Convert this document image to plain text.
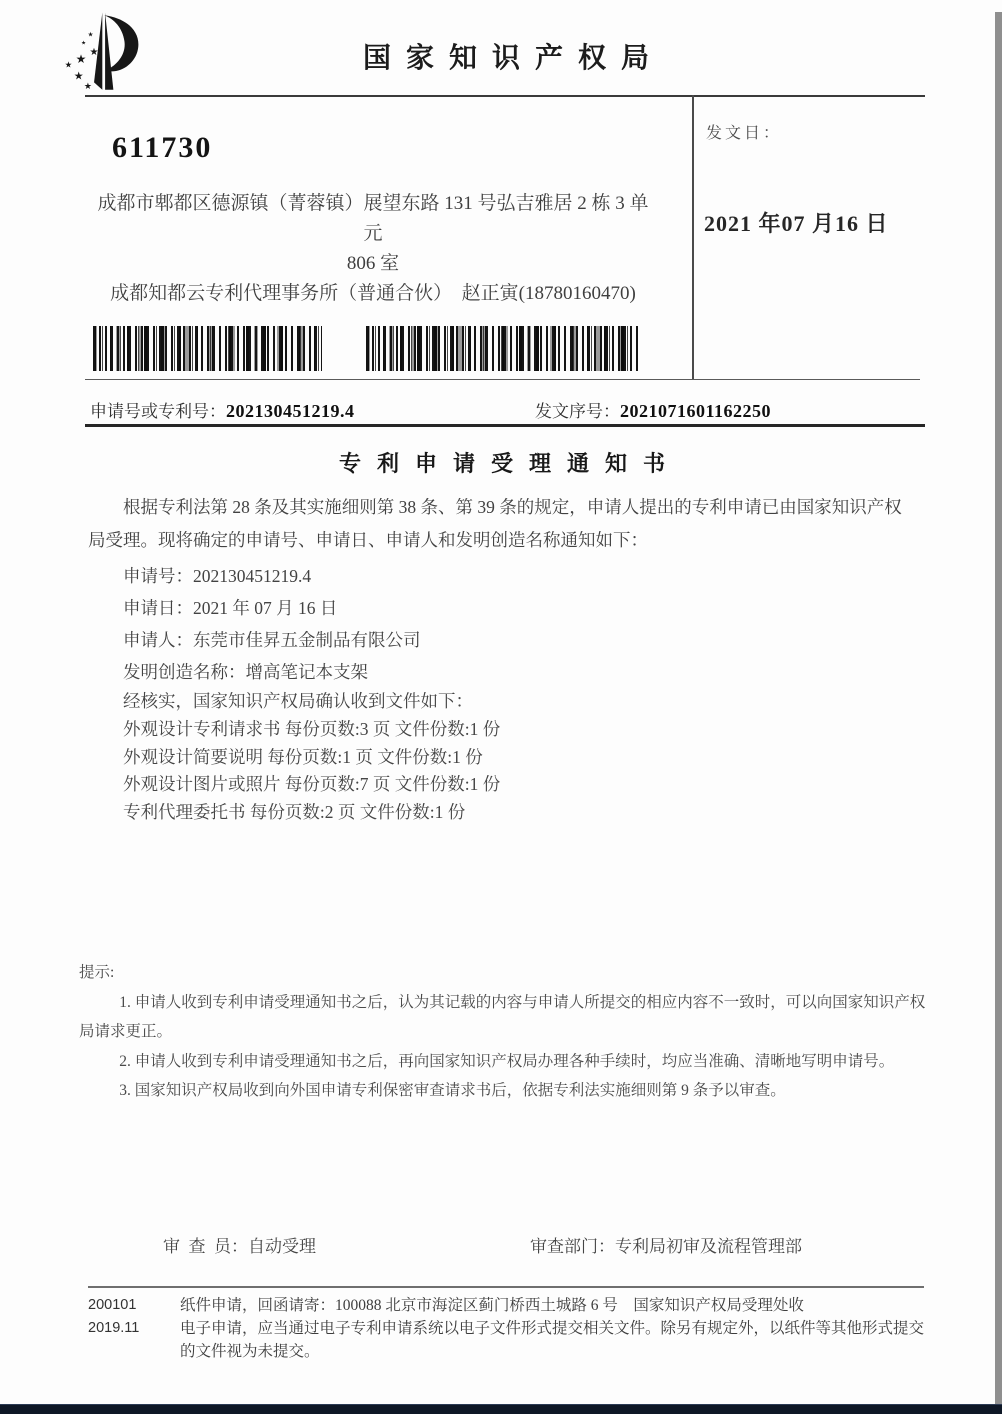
★
★
★
★
★
★
★
国家知识产权局
611730
成都市郫都区德源镇（菁蓉镇）展望东路 131 号弘吉雅居 2 栋 3 单元
806 室
成都知都云专利代理事务所（普通合伙）　赵正寅(18780160470)
发文日：
2021 年07 月16 日
申请号或专利号：202130451219.4	发文序号：2021071601162250
专利申请受理通知书

根据专利法第 28 条及其实施细则第 38 条、第 39 条的规定，申请人提出的专利申请已由国家知识产权局受理。现将确定的申请号、申请日、申请人和发明创造名称通知如下：

申请号：202130451219.4
申请日：2021 年 07 月 16 日
申请人：东莞市佳昇五金制品有限公司
发明创造名称：增高笔记本支架
经核实，国家知识产权局确认收到文件如下：
外观设计专利请求书 每份页数:3 页 文件份数:1 份
外观设计简要说明 每份页数:1 页 文件份数:1 份
外观设计图片或照片 每份页数:7 页 文件份数:1 份
专利代理委托书 每份页数:2 页 文件份数:1 份

提示:

1. 申请人收到专利申请受理通知书之后，认为其记载的内容与申请人所提交的相应内容不一致时，可以向国家知识产权局请求更正。

2. 申请人收到专利申请受理通知书之后，再向国家知识产权局办理各种手续时，均应当准确、清晰地写明申请号。

3. 国家知识产权局收到向外国申请专利保密审查请求书后，依据专利法实施细则第 9 条予以审查。

审  查  员：自动受理
	审查部门：专利局初审及流程管理部

200101	纸件申请，回函请寄：100088 北京市海淀区蓟门桥西土城路 6 号　国家知识产权局受理处收
2019.11	电子申请，应当通过电子专利申请系统以电子文件形式提交相关文件。除另有规定外，以纸件等其他形式提交的文件视为未提交。
